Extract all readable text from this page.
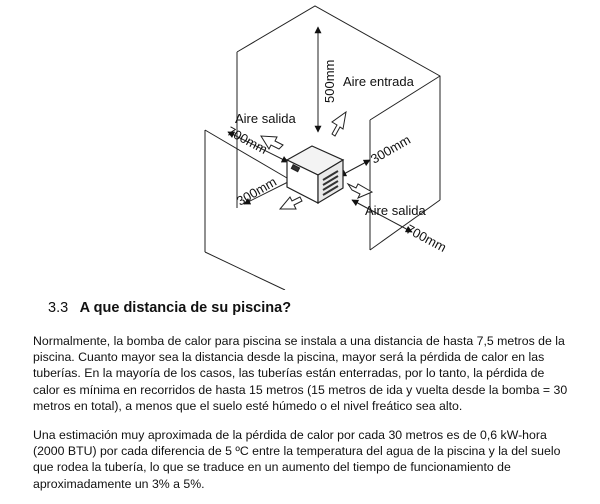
Aire entrada
Aire salida
Aire salida
500mm
700mm	300mm
300mm
700mm
3.3 A que distancia de su piscina?

Normalmente, la bomba de calor para piscina se instala a una distancia de hasta 7,5 metros de la piscina. Cuanto mayor sea la distancia desde la piscina, mayor será la pérdida de calor en las tuberías. En la mayoría de los casos, las tuberías están enterradas, por lo tanto, la pérdida de calor es mínima en recorridos de hasta 15 metros (15 metros de ida y vuelta desde la bomba = 30 metros en total), a menos que el suelo esté húmedo o el nivel freático sea alto.

Una estimación muy aproximada de la pérdida de calor por cada 30 metros es de 0,6 kW-hora (2000 BTU) por cada diferencia de 5 ºC entre la temperatura del agua de la piscina y la del suelo que rodea la tubería, lo que se traduce en un aumento del tiempo de funcionamiento de aproximadamente un 3% a 5%.
